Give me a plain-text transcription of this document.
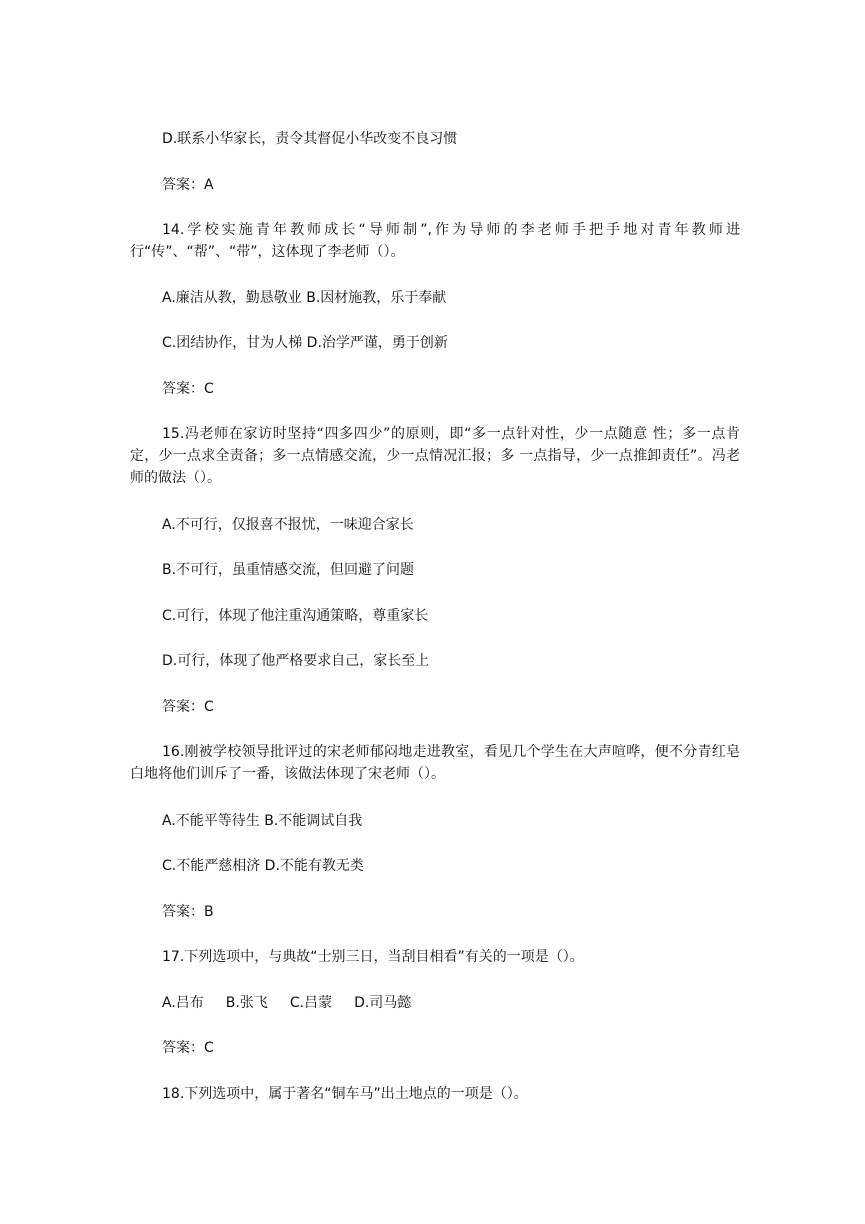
D.联系小华家长，责令其督促小华改变不良习惯
答案：A
14.学校实施青年教师成长“导师制”,作为导师的李老师手把手地对青年教师进行“传”、“帮”、“带”，这体现了李老师（）。
A.廉洁从教，勤恳敬业 B.因材施教，乐于奉献
C.团结协作，甘为人梯 D.治学严谨，勇于创新
答案：C
15.冯老师在家访时坚持“四多四少”的原则，即“多一点针对性，少一点随意 性；多一点肯定，少一点求全责备；多一点情感交流，少一点情况汇报；多 一点指导，少一点推卸责任”。冯老师的做法（）。
A.不可行，仅报喜不报忧，一味迎合家长
B.不可行，虽重情感交流，但回避了问题
C.可行，体现了他注重沟通策略，尊重家长
D.可行，体现了他严格要求自己，家长至上
答案：C
16.刚被学校领导批评过的宋老师郁闷地走进教室，看见几个学生在大声喧哗，便不分青红皂白地将他们训斥了一番，该做法体现了宋老师（）。
A.不能平等待生 B.不能调试自我
C.不能严慈相济 D.不能有教无类
答案：B
17.下列选项中，与典故“士别三日，当刮目相看”有关的一项是（）。
A.吕布 B.张飞 C.吕蒙 D.司马懿
答案：C
18.下列选项中，属于著名“铜车马”出土地点的一项是（）。
